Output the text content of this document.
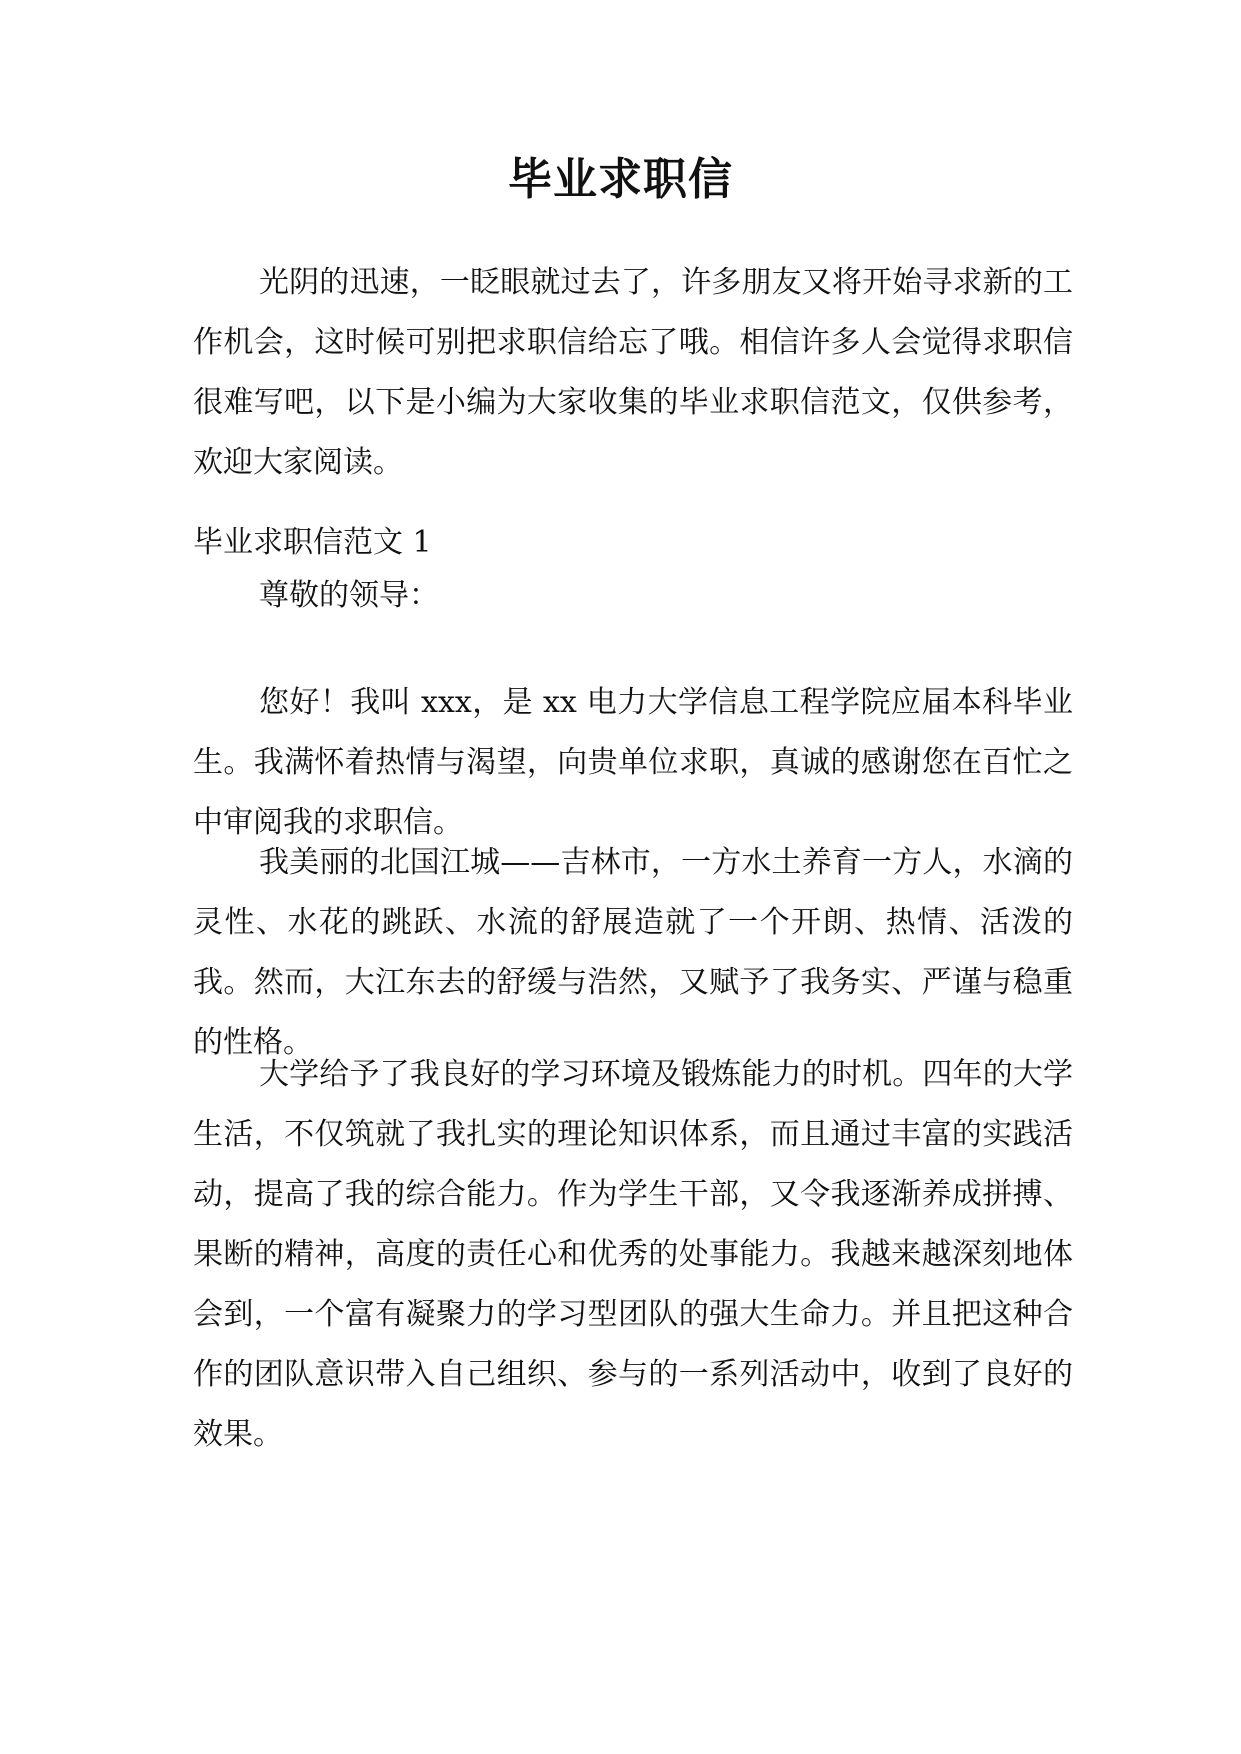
毕业求职信

光阴的迅速，一眨眼就过去了，许多朋友又将开始寻求新的工作机会，这时候可别把求职信给忘了哦。相信许多人会觉得求职信很难写吧，以下是小编为大家收集的毕业求职信范文，仅供参考，欢迎大家阅读。

毕业求职信范文 1

尊敬的领导：

您好！我叫 xxx，是 xx 电力大学信息工程学院应届本科毕业生。我满怀着热情与渴望，向贵单位求职，真诚的感谢您在百忙之中审阅我的求职信。

我美丽的北国江城——吉林市，一方水土养育一方人，水滴的灵性、水花的跳跃、水流的舒展造就了一个开朗、热情、活泼的我。然而，大江东去的舒缓与浩然，又赋予了我务实、严谨与稳重的性格。

大学给予了我良好的学习环境及锻炼能力的时机。四年的大学生活，不仅筑就了我扎实的理论知识体系，而且通过丰富的实践活动，提高了我的综合能力。作为学生干部，又令我逐渐养成拼搏、果断的精神，高度的责任心和优秀的处事能力。我越来越深刻地体会到，一个富有凝聚力的学习型团队的强大生命力。并且把这种合作的团队意识带入自己组织、参与的一系列活动中，收到了良好的效果。
